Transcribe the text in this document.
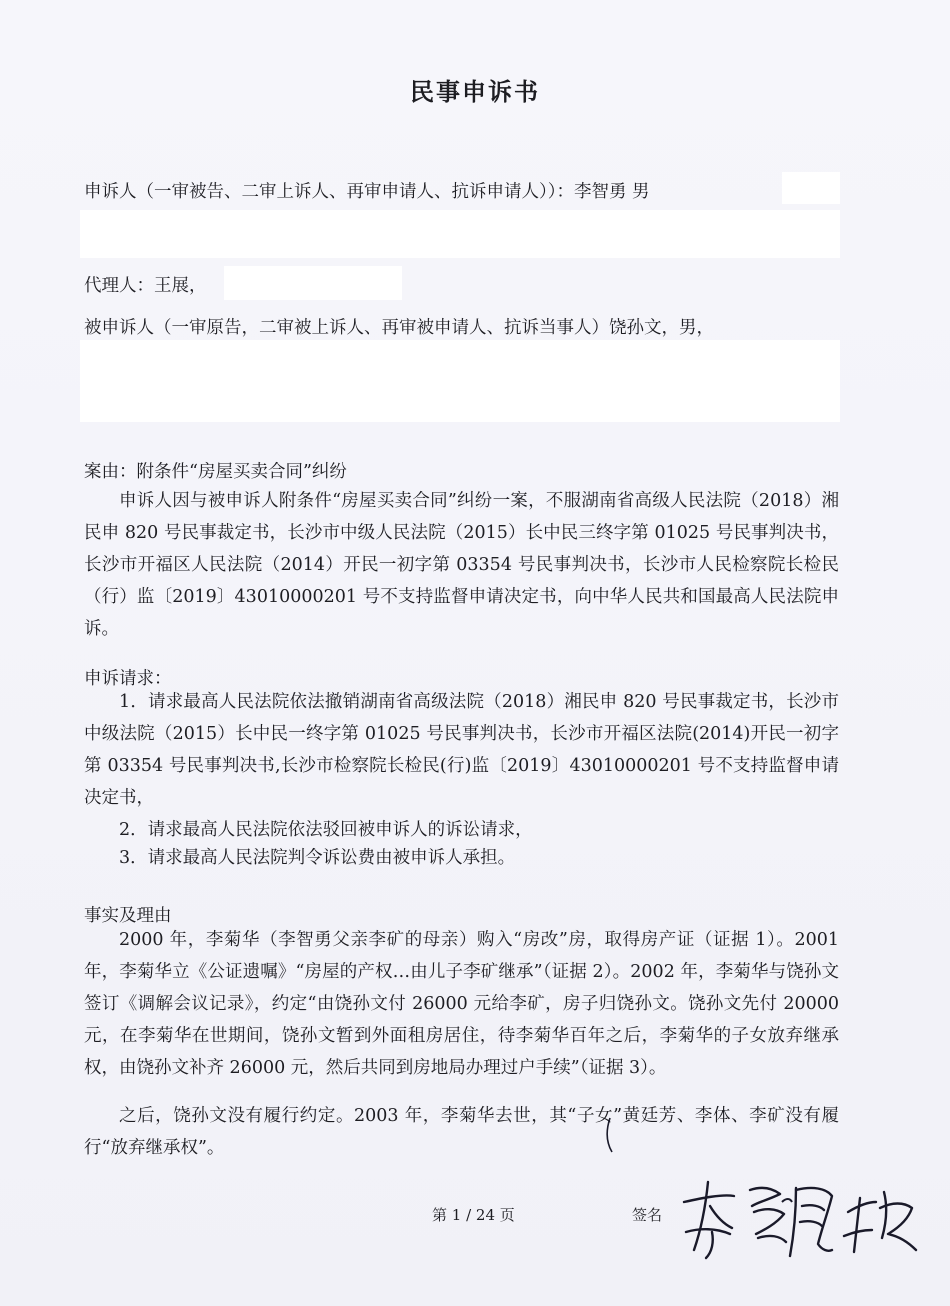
民事申诉书
申诉人（一审被告、二审上诉人、再审申请人、抗诉申请人））：李智勇 男
代理人：王展，
被申诉人（一审原告，二审被上诉人、再审被申请人、抗诉当事人）饶孙文，男，
案由：附条件“房屋买卖合同”纠纷
申诉人因与被申诉人附条件“房屋买卖合同”纠纷一案，不服湖南省高级人民法院（2018）湘民申 820 号民事裁定书，长沙市中级人民法院（2015）长中民三终字第 01025 号民事判决书，长沙市开福区人民法院（2014）开民一初字第 03354 号民事判决书，长沙市人民检察院长检民（行）监〔2019〕43010000201 号不支持监督申请决定书，向中华人民共和国最高人民法院申诉。
申诉请求：
1．请求最高人民法院依法撤销湖南省高级法院（2018）湘民申 820 号民事裁定书，长沙市中级法院（2015）长中民一终字第 01025 号民事判决书，长沙市开福区法院(2014)开民一初字第 03354 号民事判决书,长沙市检察院长检民(行)监〔2019〕43010000201 号不支持监督申请决定书，
2．请求最高人民法院依法驳回被申诉人的诉讼请求，
3．请求最高人民法院判令诉讼费由被申诉人承担。
事实及理由
2000 年，李菊华（李智勇父亲李矿的母亲）购入“房改”房，取得房产证（证据 1）。2001 年，李菊华立《公证遗嘱》“房屋的产权…由儿子李矿继承”（证据 2）。2002 年，李菊华与饶孙文签订《调解会议记录》，约定“由饶孙文付 26000 元给李矿，房子归饶孙文。饶孙文先付 20000 元，在李菊华在世期间，饶孙文暂到外面租房居住，待李菊华百年之后，李菊华的子女放弃继承权，由饶孙文补齐 26000 元，然后共同到房地局办理过户手续”（证据 3）。
之后，饶孙文没有履行约定。2003 年，李菊华去世，其“子女”黄廷芳、李体、李矿没有履行“放弃继承权”。
第 1 / 24 页	签名
